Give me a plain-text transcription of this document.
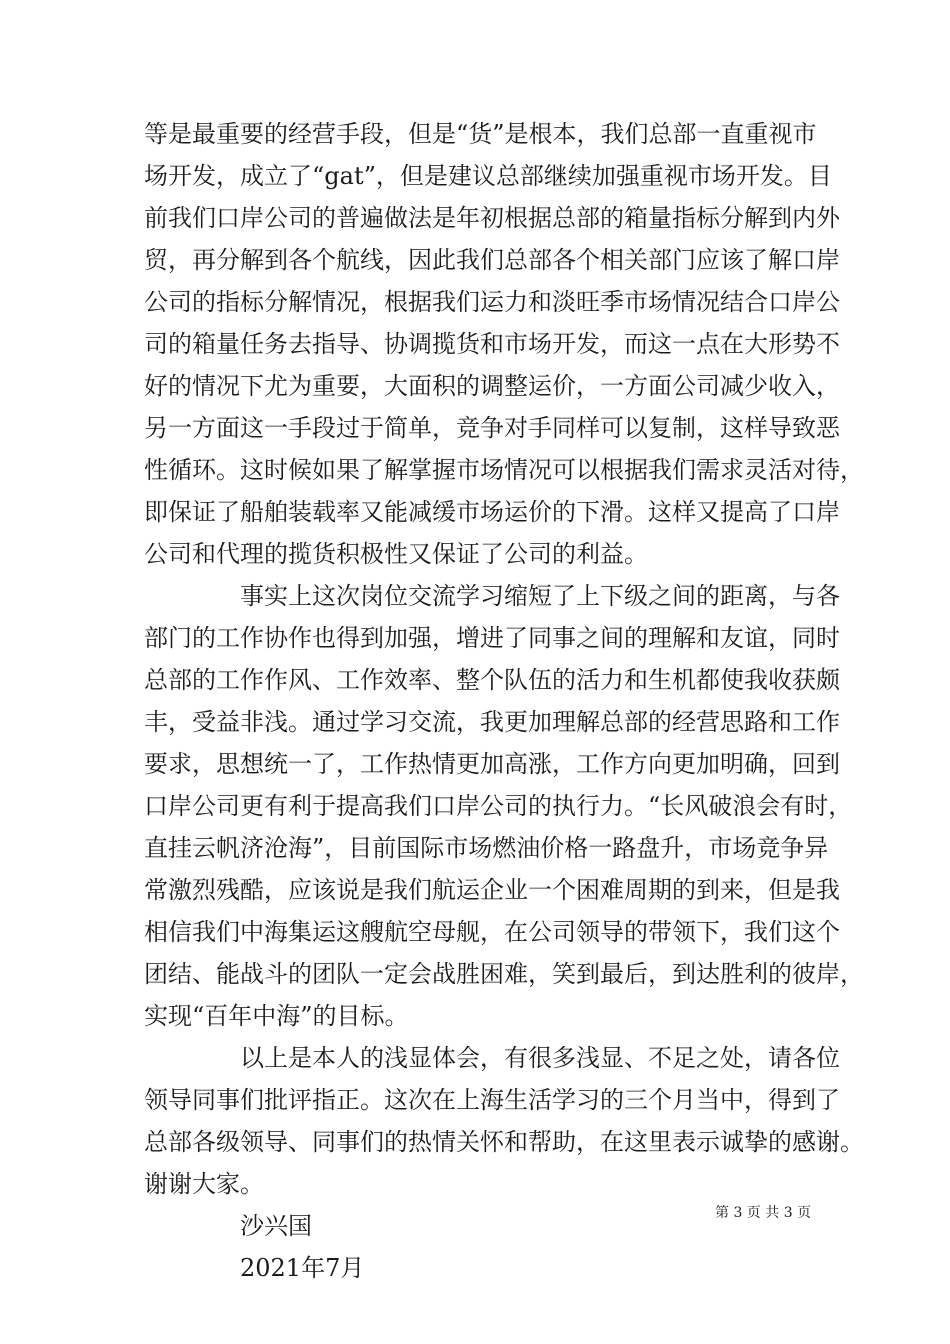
等是最重要的经营手段，但是“货”是根本，我们总部一直重视市
场开发，成立了“gat”，但是建议总部继续加强重视市场开发。目
前我们口岸公司的普遍做法是年初根据总部的箱量指标分解到内外
贸，再分解到各个航线，因此我们总部各个相关部门应该了解口岸
公司的指标分解情况，根据我们运力和淡旺季市场情况结合口岸公
司的箱量任务去指导、协调揽货和市场开发，而这一点在大形势不
好的情况下尤为重要，大面积的调整运价，一方面公司减少收入，
另一方面这一手段过于简单，竞争对手同样可以复制，这样导致恶
性循环。这时候如果了解掌握市场情况可以根据我们需求灵活对待，
即保证了船舶装载率又能减缓市场运价的下滑。这样又提高了口岸
公司和代理的揽货积极性又保证了公司的利益。
事实上这次岗位交流学习缩短了上下级之间的距离，与各
部门的工作协作也得到加强，增进了同事之间的理解和友谊，同时
总部的工作作风、工作效率、整个队伍的活力和生机都使我收获颇
丰，受益非浅。通过学习交流，我更加理解总部的经营思路和工作
要求，思想统一了，工作热情更加高涨，工作方向更加明确，回到
口岸公司更有利于提高我们口岸公司的执行力。“长风破浪会有时，
直挂云帆济沧海”，目前国际市场燃油价格一路盘升，市场竞争异
常激烈残酷，应该说是我们航运企业一个困难周期的到来，但是我
相信我们中海集运这艘航空母舰，在公司领导的带领下，我们这个
团结、能战斗的团队一定会战胜困难，笑到最后，到达胜利的彼岸，
实现“百年中海”的目标。
以上是本人的浅显体会，有很多浅显、不足之处，请各位
领导同事们批评指正。这次在上海生活学习的三个月当中，得到了
总部各级领导、同事们的热情关怀和帮助，在这里表示诚挚的感谢。
谢谢大家。
沙兴国
2021年7月
第 3 页 共 3 页
